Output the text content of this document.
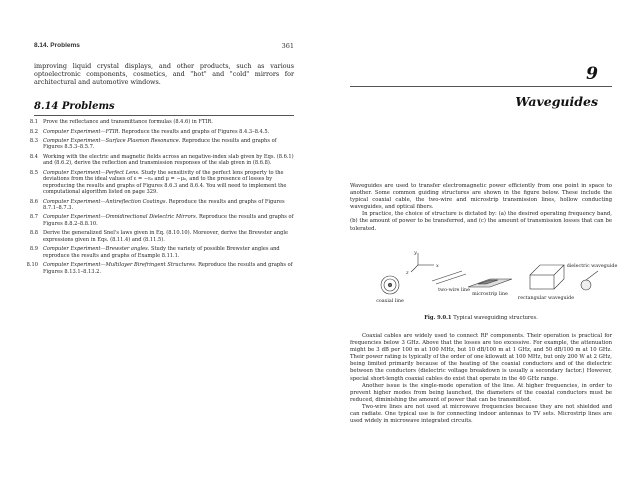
8.14. Problems	361
improving liquid crystal displays, and other products, such as various optoelectronic components, cosmetics, and "hot" and "cold" mirrors for architectural and automotive windows.
8.14 Problems
8.1 Prove the reflectance and transmittance formulas (8.4.6) in FTIR.
8.2 Computer Experiment—FTIR. Reproduce the results and graphs of Figures 8.4.3–8.4.5.
8.3 Computer Experiment—Surface Plasmon Resonance. Reproduce the results and graphs of Figures 8.5.3–8.5.7.
8.4 Working with the electric and magnetic fields across an negative-index slab given by Eqs. (8.6.1) and (8.6.2), derive the reflection and transmission responses of the slab given in (8.6.8).
8.5 Computer Experiment—Perfect Lens. Study the sensitivity of the perfect lens property to the deviations from the ideal values of ε = −ε₀ and μ = −μ₀, and to the presence of losses by reproducing the results and graphs of Figures 8.6.3 and 8.6.4. You will need to implement the computational algorithm listed on page 329.
8.6 Computer Experiment—Antireflection Coatings. Reproduce the results and graphs of Figures 8.7.1–8.7.3.
8.7 Computer Experiment—Omnidirectional Dielectric Mirrors. Reproduce the results and graphs of Figures 8.8.2–8.8.10.
8.8 Derive the generalized Snel's laws given in Eq. (8.10.10). Moreover, derive the Brewster angle expressions given in Eqs. (8.11.4) and (8.11.5).
8.9 Computer Experiment—Brewster angles. Study the variety of possible Brewster angles and reproduce the results and graphs of Example 8.11.1.
8.10 Computer Experiment—Multilayer Birefringent Structures. Reproduce the results and graphs of Figures 8.13.1–8.13.2.
9
Waveguides

Waveguides are used to transfer electromagnetic power efficiently from one point in space to another. Some common guiding structures are shown in the figure below. These include the typical coaxial cable, the two-wire and microstrip transmission lines, hollow conducting waveguides, and optical fibers.

In practice, the choice of structure is dictated by: (a) the desired operating frequency band, (b) the amount of power to be transferred, and (c) the amount of transmission losses that can be tolerated.

y
x
z
coaxial line
two-wire line
microstrip line
rectangular waveguide
dielectric waveguide
Fig. 9.0.1 Typical waveguiding structures.

Coaxial cables are widely used to connect RF components. Their operation is practical for frequencies below 3 GHz. Above that the losses are too excessive. For example, the attenuation might be 3 dB per 100 m at 100 MHz, but 10 dB/100 m at 1 GHz, and 50 dB/100 m at 10 GHz. Their power rating is typically of the order of one kilowatt at 100 MHz, but only 200 W at 2 GHz, being limited primarily because of the heating of the coaxial conductors and of the dielectric between the conductors (dielectric voltage breakdown is usually a secondary factor.) However, special short-length coaxial cables do exist that operate in the 40 GHz range.

Another issue is the single-mode operation of the line. At higher frequencies, in order to prevent higher modes from being launched, the diameters of the coaxial conductors must be reduced, diminishing the amount of power that can be transmitted.

Two-wire lines are not used at microwave frequencies because they are not shielded and can radiate. One typical use is for connecting indoor antennas to TV sets. Microstrip lines are used widely in microwave integrated circuits.
